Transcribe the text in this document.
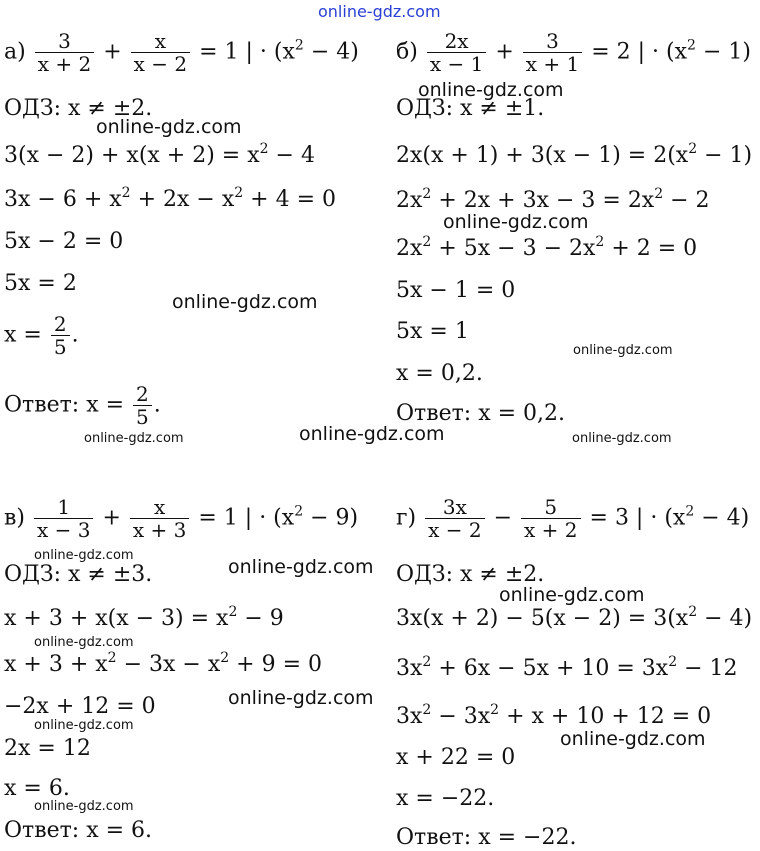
online-gdz.com
$а) \frac{3}{x + 2} + \frac{x}{x - 2} = 1$ | · $(x^2 - 4)$
ОДЗ: x ≠ ±2.
$3(x - 2) + x(x + 2) = x^2 - 4$
$3x - 6 + x^2 + 2x - x^2 + 4 = 0$
5x − 2 = 0
5x = 2
$x = \frac{2}{5}$ .
Ответ: $x = \frac{2}{5}$ .
$б) \frac{2x}{x - 1} + \frac{3}{x + 1} = 2$ | · $(x^2 - 1)$
ОДЗ: x ≠ ±1.
$2x(x + 1) + 3(x - 1) = 2(x^2 - 1)$
$2x^2 + 2x + 3x - 3 = 2x^2 - 2$
$2x^2 + 5x - 3 - 2x^2 + 2 = 0$
5x − 1 = 0
5x = 1
x = 0,2.
Ответ: x = 0,2.
$в) \frac{1}{x - 3} + \frac{x}{x + 3} = 1$ | · $(x^2 - 9)$
ОДЗ: x ≠ ±3.
$x + 3 + x(x - 3) = x^2 - 9$
$x + 3 + x^2 - 3x - x^2 + 9 = 0$
−2x + 12 = 0
2x = 12
x = 6.
Ответ: x = 6.
$г) \frac{3x}{x - 2} - \frac{5}{x + 2} = 3$ | · $(x^2 - 4)$
ОДЗ: x ≠ ±2.
$3x(x + 2) - 5(x - 2) = 3(x^2 - 4)$
$3x^2 + 6x - 5x + 10 = 3x^2 - 12$
$3x^2 - 3x^2 + x + 10 + 12 = 0$
x + 22 = 0
x = −22.
Ответ: x = −22.
online-gdz.com
online-gdz.com
online-gdz.com
online-gdz.com
online-gdz.com
online-gdz.com
online-gdz.com	online-gdz.com
online-gdz.com
online-gdz.com
online-gdz.com
online-gdz.com
online-gdz.com
online-gdz.com
online-gdz.com
online-gdz.com
